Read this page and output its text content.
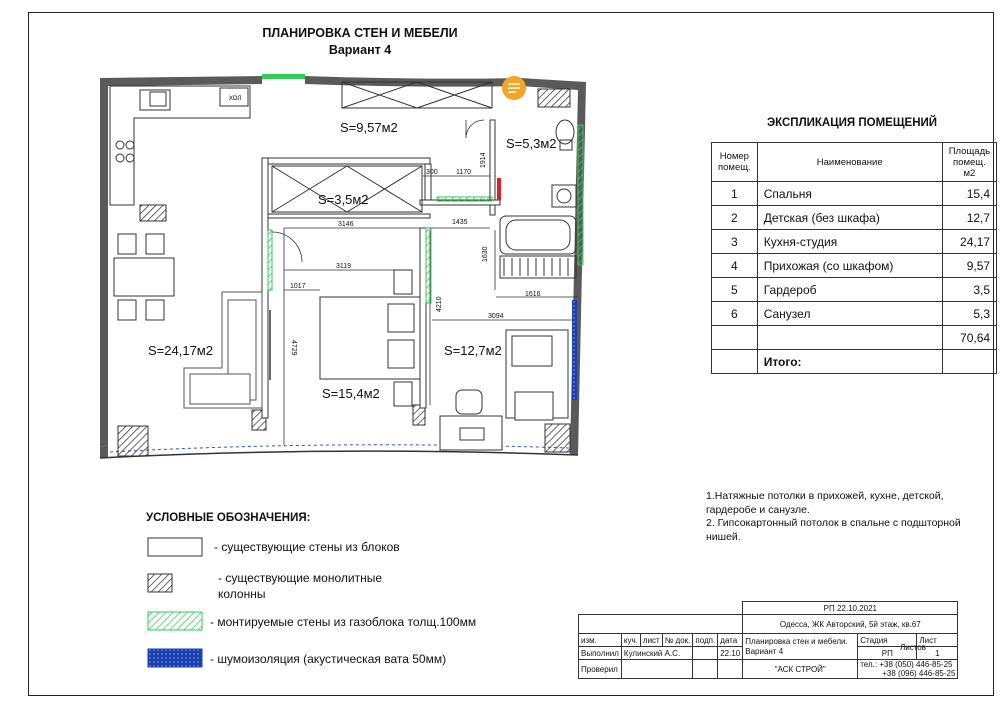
ПЛАНИРОВКА СТЕН И МЕБЕЛИ
Вариант 4
ХОЛ
1914
300	1170
3146	1435
1630
3119
1017
1616
4210
3094
4729
S=9,57м2
S=5,3м2
S=3,5м2
S=24,17м2
S=15,4м2
S=12,7м2
ЭКСПЛИКАЦИЯ ПОМЕЩЕНИЙ
Номер помещ.	Наименование	Площадь помещ. м2
1	Спальня	15,4
2	Детская (без шкафа)	12,7
3	Кухня-студия	24,17
4	Прихожая (со шкафом)	9,57
5	Гардероб	3,5
6	Санузел	5,3
		70,64
	Итого:	
1.Натяжные потолки в прихожей, кухне, детской, гардеробе и санузле.
2. Гипсокартонный потолок в спальне с подшторной нишей.
УСЛОВНЫЕ ОБОЗНАЧЕНИЯ:
- существующие стены из блоков
- существующие монолитные колонны
- монтируемые стены из газоблока толщ.100мм
- шумоизоляция (акустическая вата 50мм)
						РП 22.10.2021		
						Одесса, ЖК Авторский, 5й этаж, кв.67		
изм.	куч.	лист	№ док.	подп.	дата	Планировка стен и мебели. Вариант 4	Стадия	Лист
Выполнил	Кулинский А.С.				22.10		РП	1
Проверил						"АСК СТРОЙ"	тел.: +38 (050) 446-85-25
+38 (096) 446-85-25	
Листов
